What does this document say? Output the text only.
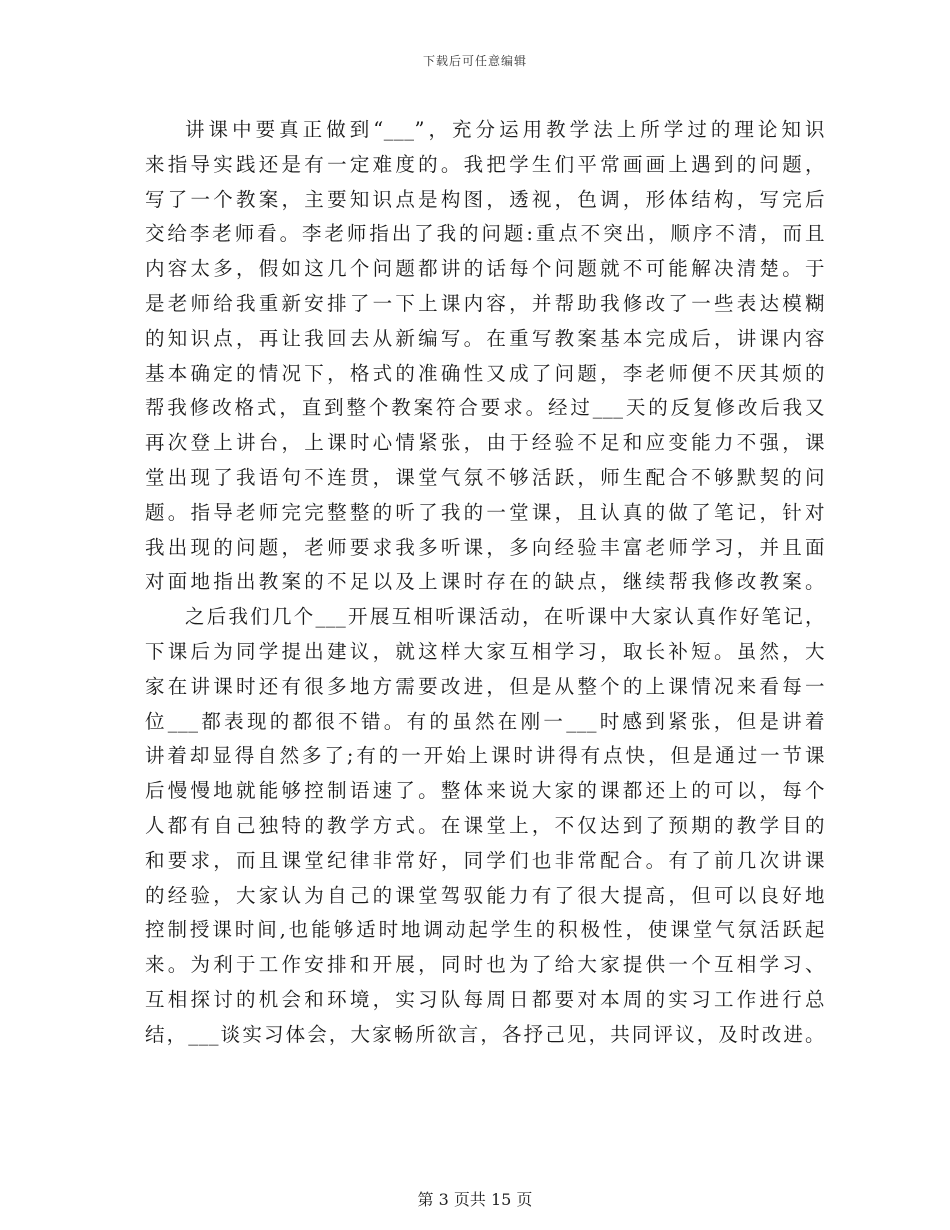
下载后可任意编辑
讲课中要真正做到“___”，充分运用教学法上所学过的理论知识
来指导实践还是有一定难度的。我把学生们平常画画上遇到的问题，
写了一个教案，主要知识点是构图，透视，色调，形体结构，写完后
交给李老师看。李老师指出了我的问题:重点不突出，顺序不清，而且
内容太多，假如这几个问题都讲的话每个问题就不可能解决清楚。于
是老师给我重新安排了一下上课内容，并帮助我修改了一些表达模糊
的知识点，再让我回去从新编写。在重写教案基本完成后，讲课内容
基本确定的情况下，格式的准确性又成了问题，李老师便不厌其烦的
帮我修改格式，直到整个教案符合要求。经过___天的反复修改后我又
再次登上讲台，上课时心情紧张，由于经验不足和应变能力不强，课
堂出现了我语句不连贯，课堂气氛不够活跃，师生配合不够默契的问
题。指导老师完完整整的听了我的一堂课，且认真的做了笔记，针对
我出现的问题，老师要求我多听课，多向经验丰富老师学习，并且面
对面地指出教案的不足以及上课时存在的缺点，继续帮我修改教案。
之后我们几个___开展互相听课活动，在听课中大家认真作好笔记，
下课后为同学提出建议，就这样大家互相学习，取长补短。虽然，大
家在讲课时还有很多地方需要改进，但是从整个的上课情况来看每一
位___都表现的都很不错。有的虽然在刚一___时感到紧张，但是讲着
讲着却显得自然多了;有的一开始上课时讲得有点快，但是通过一节课
后慢慢地就能够控制语速了。整体来说大家的课都还上的可以，每个
人都有自己独特的教学方式。在课堂上，不仅达到了预期的教学目的
和要求，而且课堂纪律非常好，同学们也非常配合。有了前几次讲课
的经验，大家认为自己的课堂驾驭能力有了很大提高，但可以良好地
控制授课时间,也能够适时地调动起学生的积极性，使课堂气氛活跃起
来。为利于工作安排和开展，同时也为了给大家提供一个互相学习、
互相探讨的机会和环境，实习队每周日都要对本周的实习工作进行总
结，___谈实习体会，大家畅所欲言，各抒己见，共同评议，及时改进。
第 3 页共 15 页
